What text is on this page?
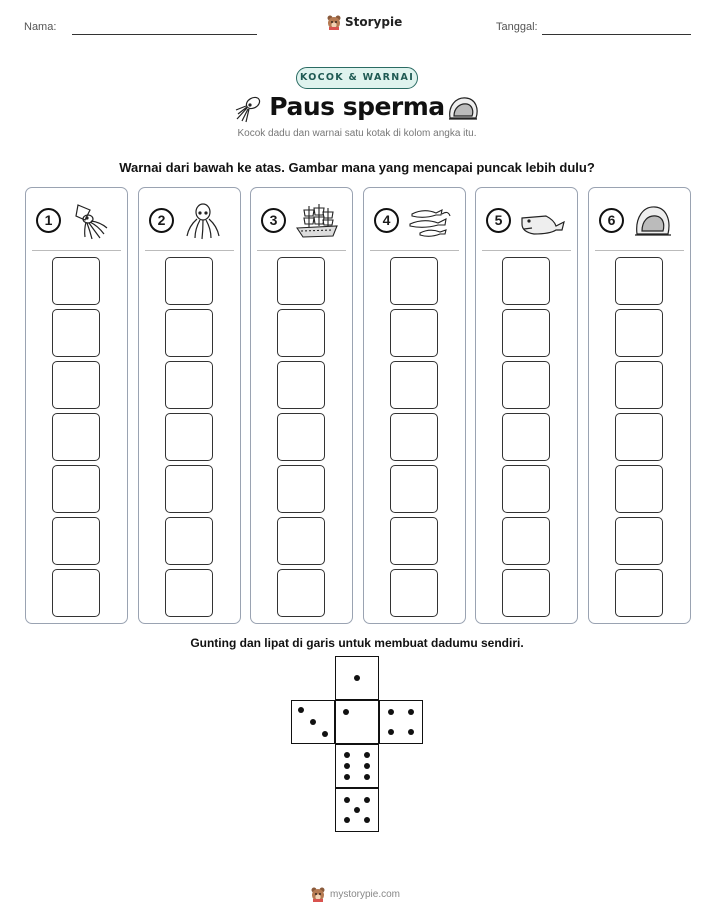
Nama:	Storypie	Tanggal:
KOCOK & WARNAI
Paus sperma
Kocok dadu dan warnai satu kotak di kolom angka itu.
Warnai dari bawah ke atas. Gambar mana yang mencapai puncak lebih dulu?
1	2	3	4	5	6
Gunting dan lipat di garis untuk membuat dadumu sendiri.
mystorypie.com
